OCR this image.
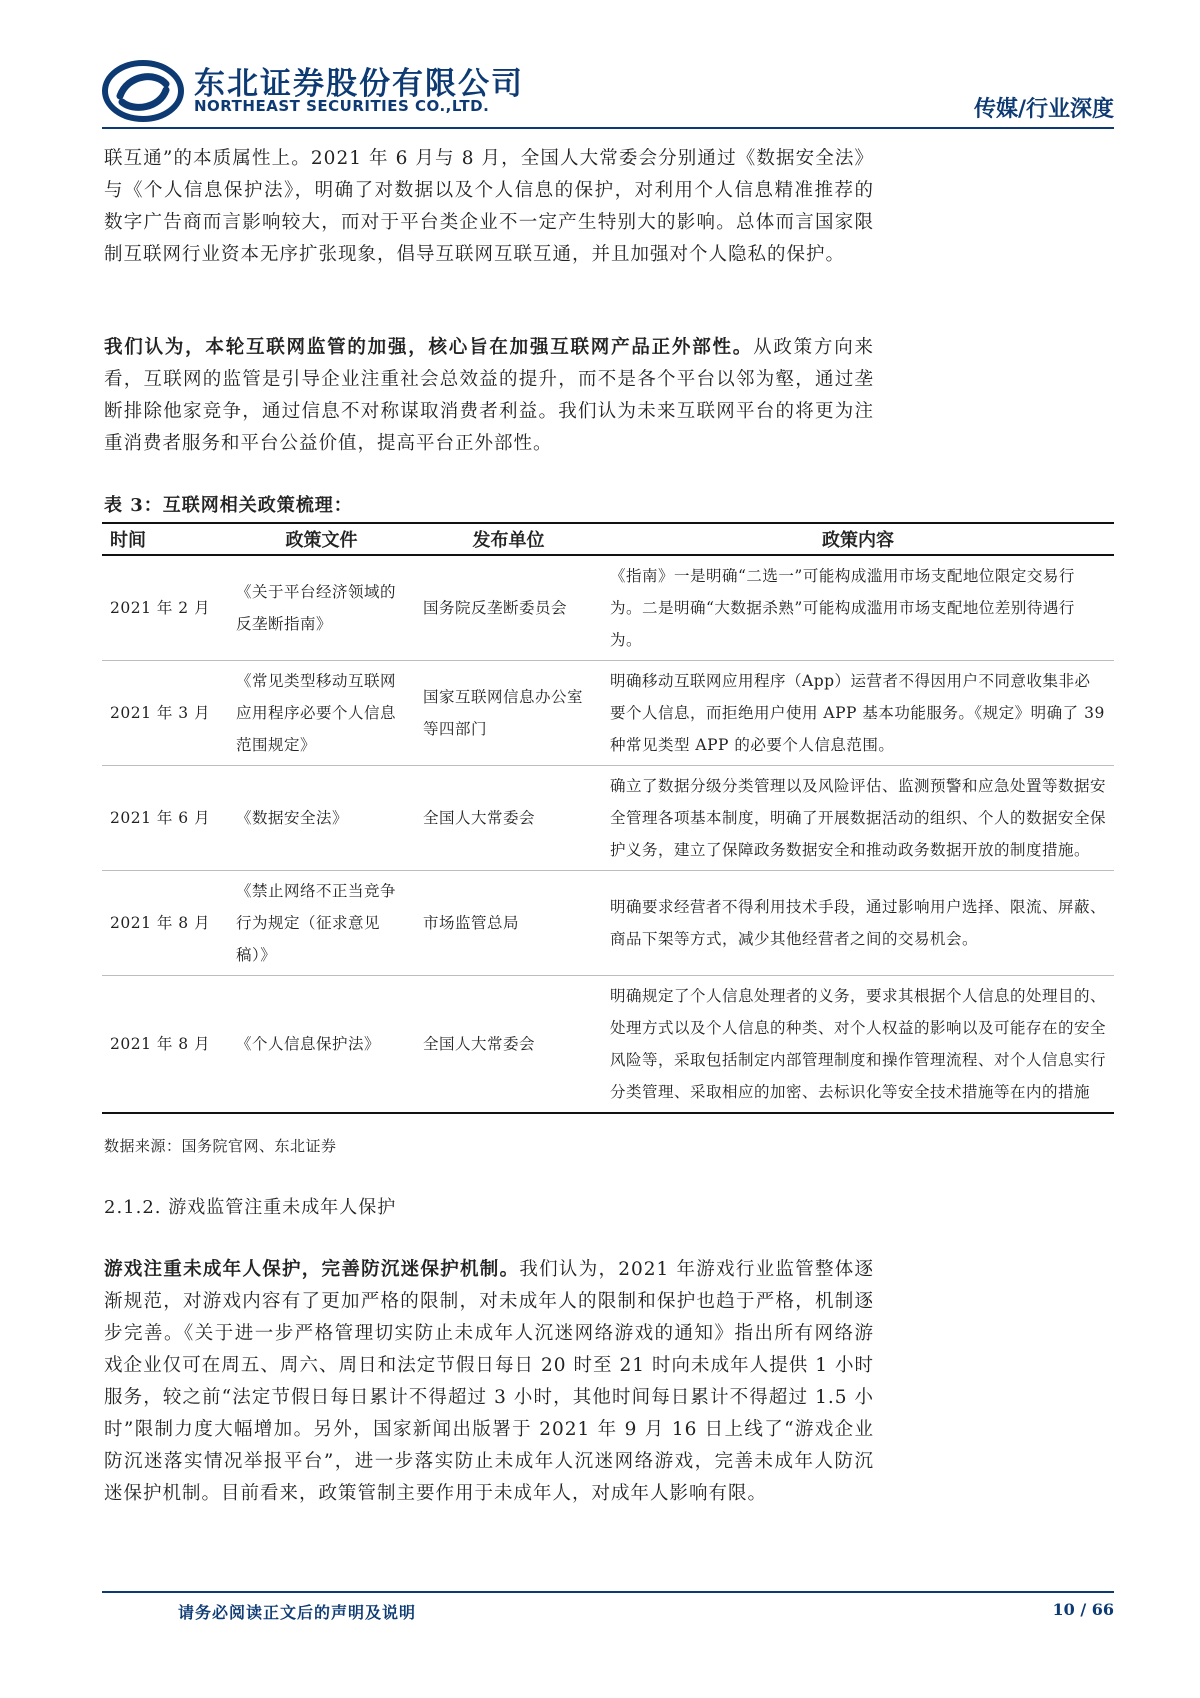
东北证券股份有限公司
NORTHEAST SECURITIES CO.,LTD.	传媒/行业深度

联互通”的本质属性上。2021 年 6 月与 8 月，全国人大常委会分别通过《数据安全法》与《个人信息保护法》，明确了对数据以及个人信息的保护，对利用个人信息精准推荐的数字广告商而言影响较大，而对于平台类企业不一定产生特别大的影响。总体而言国家限制互联网行业资本无序扩张现象，倡导互联网互联互通，并且加强对个人隐私的保护。

我们认为，本轮互联网监管的加强，核心旨在加强互联网产品正外部性。从政策方向来看，互联网的监管是引导企业注重社会总效益的提升，而不是各个平台以邻为壑，通过垄断排除他家竞争，通过信息不对称谋取消费者利益。我们认为未来互联网平台的将更为注重消费者服务和平台公益价值，提高平台正外部性。

表 3：互联网相关政策梳理：
时间	政策文件	发布单位	政策内容
2021 年 2 月	《关于平台经济领域的反垄断指南》	国务院反垄断委员会	《指南》一是明确“二选一”可能构成滥用市场支配地位限定交易行为。二是明确“大数据杀熟”可能构成滥用市场支配地位差别待遇行为。
2021 年 3 月	《常见类型移动互联网应用程序必要个人信息范围规定》	国家互联网信息办公室等四部门	明确移动互联网应用程序（App）运营者不得因用户不同意收集非必要个人信息，而拒绝用户使用 APP 基本功能服务。《规定》明确了 39 种常见类型 APP 的必要个人信息范围。
2021 年 6 月	《数据安全法》	全国人大常委会	确立了数据分级分类管理以及风险评估、监测预警和应急处置等数据安全管理各项基本制度，明确了开展数据活动的组织、个人的数据安全保护义务，建立了保障政务数据安全和推动政务数据开放的制度措施。
2021 年 8 月	《禁止网络不正当竞争行为规定（征求意见稿）》	市场监管总局	明确要求经营者不得利用技术手段，通过影响用户选择、限流、屏蔽、商品下架等方式，减少其他经营者之间的交易机会。
2021 年 8 月	《个人信息保护法》	全国人大常委会	明确规定了个人信息处理者的义务，要求其根据个人信息的处理目的、处理方式以及个人信息的种类、对个人权益的影响以及可能存在的安全风险等，采取包括制定内部管理制度和操作管理流程、对个人信息实行分类管理、采取相应的加密、去标识化等安全技术措施等在内的措施
数据来源：国务院官网、东北证券
2.1.2. 游戏监管注重未成年人保护

游戏注重未成年人保护，完善防沉迷保护机制。我们认为，2021 年游戏行业监管整体逐渐规范，对游戏内容有了更加严格的限制，对未成年人的限制和保护也趋于严格，机制逐步完善。《关于进一步严格管理切实防止未成年人沉迷网络游戏的通知》指出所有网络游戏企业仅可在周五、周六、周日和法定节假日每日 20 时至 21 时向未成年人提供 1 小时服务，较之前“法定节假日每日累计不得超过 3 小时，其他时间每日累计不得超过 1.5 小时”限制力度大幅增加。另外，国家新闻出版署于 2021 年 9 月 16 日上线了“游戏企业防沉迷落实情况举报平台”，进一步落实防止未成年人沉迷网络游戏，完善未成年人防沉迷保护机制。目前看来，政策管制主要作用于未成年人，对成年人影响有限。

请务必阅读正文后的声明及说明	10 / 66
